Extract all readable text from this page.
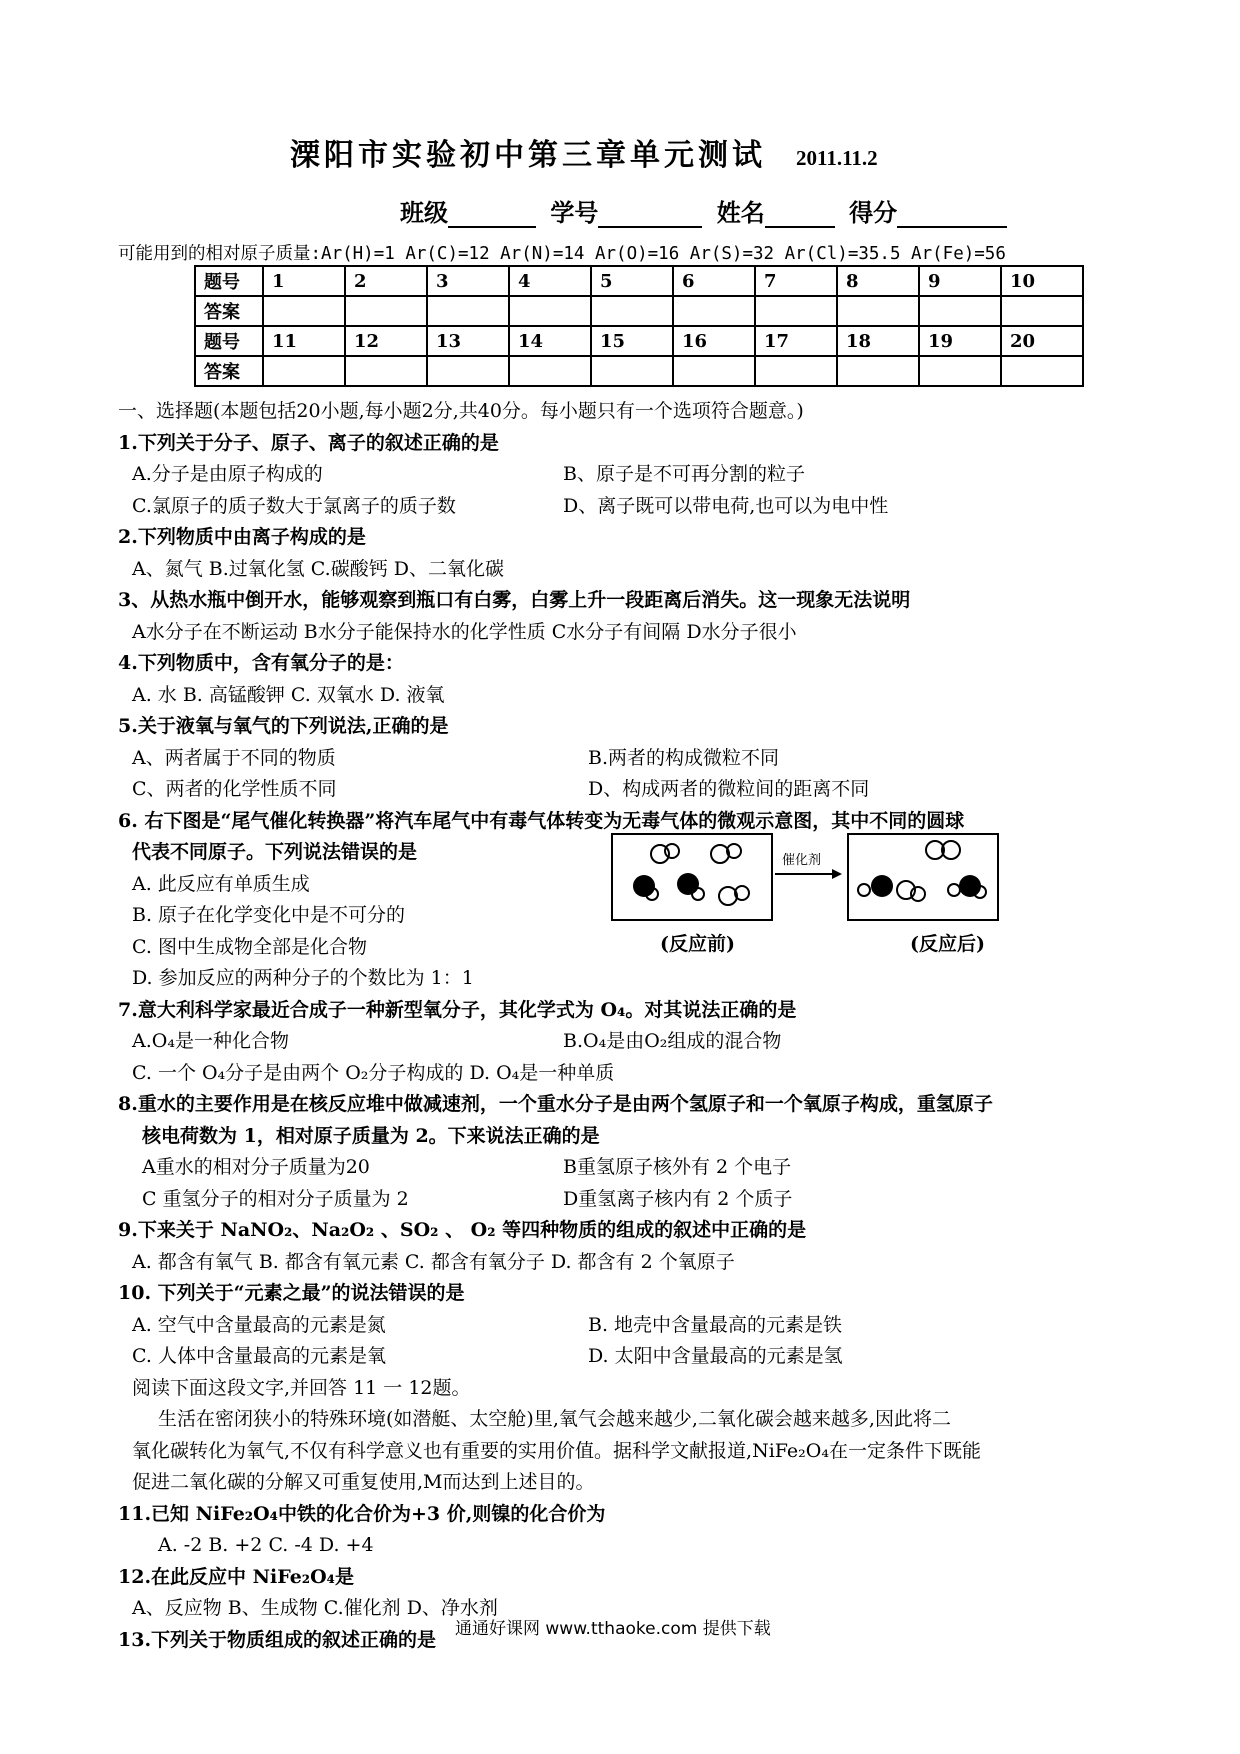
溧阳市实验初中第三章单元测试 2011.11.2
班级	学号	姓名	得分
可能用到的相对原子质量:Ar(H)=1 Ar(C)=12 Ar(N)=14 Ar(O)=16 Ar(S)=32 Ar(Cl)=35.5 Ar(Fe)=56
题号	1	2	3	4	5	6	7	8	9	10
答案										
题号	11	12	13	14	15	16	17	18	19	20
答案										
一、选择题(本题包括20小题,每小题2分,共40分。每小题只有一个选项符合题意。)
1.下列关于分子、原子、离子的叙述正确的是
A.分子是由原子构成的	B、原子是不可再分割的粒子
C.氯原子的质子数大于氯离子的质子数	D、离子既可以带电荷,也可以为电中性
2.下列物质中由离子构成的是
A、氮气 B.过氧化氢 C.碳酸钙 D、二氧化碳
3、从热水瓶中倒开水，能够观察到瓶口有白雾，白雾上升一段距离后消失。这一现象无法说明
A水分子在不断运动 B水分子能保持水的化学性质 C水分子有间隔 D水分子很小
4.下列物质中，含有氧分子的是：
A. 水 B. 高锰酸钾 C. 双氧水 D. 液氧
5.关于液氧与氧气的下列说法,正确的是
A、两者属于不同的物质	B.两者的构成微粒不同
C、两者的化学性质不同	D、构成两者的微粒间的距离不同
6. 右下图是“尾气催化转换器”将汽车尾气中有毒气体转变为无毒气体的微观示意图，其中不同的圆球
代表不同原子。下列说法错误的是
A. 此反应有单质生成
B. 原子在化学变化中是不可分的
C. 图中生成物全部是化合物
D. 参加反应的两种分子的个数比为 1：1
7.意大利科学家最近合成子一种新型氧分子，其化学式为 O₄。对其说法正确的是
A.O₄是一种化合物	B.O₄是由O₂组成的混合物
C. 一个 O₄分子是由两个 O₂分子构成的 D. O₄是一种单质
8.重水的主要作用是在核反应堆中做减速剂，一个重水分子是由两个氢原子和一个氧原子构成，重氢原子
核电荷数为 1，相对原子质量为 2。下来说法正确的是
A重水的相对分子质量为20	B重氢原子核外有 2 个电子
C 重氢分子的相对分子质量为 2	D重氢离子核内有 2 个质子
9.下来关于 NaNO₂、Na₂O₂ 、SO₂ 、 O₂ 等四种物质的组成的叙述中正确的是
A. 都含有氧气 B. 都含有氧元素 C. 都含有氧分子 D. 都含有 2 个氧原子
10. 下列关于“元素之最”的说法错误的是
A. 空气中含量最高的元素是氮	B. 地壳中含量最高的元素是铁
C. 人体中含量最高的元素是氧	D. 太阳中含量最高的元素是氢
阅读下面这段文字,并回答 11 一 12题。
生活在密闭狭小的特殊环境(如潜艇、太空舱)里,氧气会越来越少,二氧化碳会越来越多,因此将二
氧化碳转化为氧气,不仅有科学意义也有重要的实用价值。据科学文献报道,NiFe₂O₄在一定条件下既能
促进二氧化碳的分解又可重复使用,M而达到上述目的。
11.已知 NiFe₂O₄中铁的化合价为+3 价,则镍的化合价为
A. -2 B. +2 C. -4 D. +4
12.在此反应中 NiFe₂O₄是
A、反应物 B、生成物 C.催化剂 D、净水剂
13.下列关于物质组成的叙述正确的是
催化剂
(反应前)	(反应后)
通通好课网 www.tthaoke.com 提供下载
